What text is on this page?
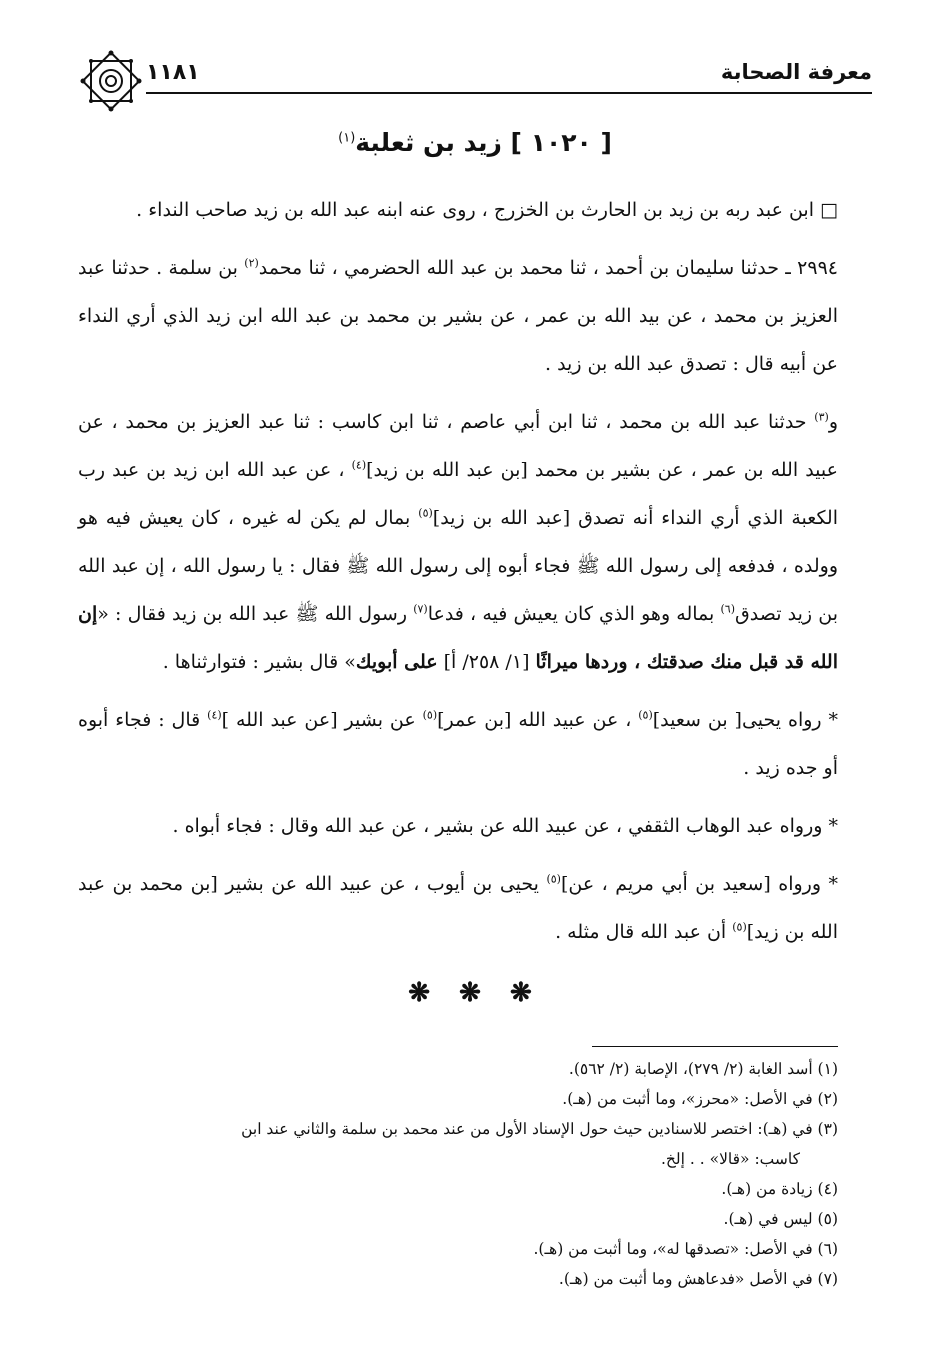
معرفة الصحابة
١١٨١
[ ١٠٢٠ ] زيد بن ثعلبة$^{(١)}$

□ ابن عبد ربه بن زيد بن الحارث بن الخزرج ، روى عنه ابنه عبد الله بن زيد صاحب النداء .

٢٩٩٤ ـ حدثنا سليمان بن أحمد ، ثنا محمد بن عبد الله الحضرمي ، ثنا محمد$^{(٢)}$ بن سلمة . حدثنا عبد العزيز بن محمد ، عن بيد الله بن عمر ، عن بشير بن محمد بن عبد الله ابن زيد الذي أري النداء عن أبيه قال : تصدق عبد الله بن زيد .

و$^{(٣)}$ حدثنا عبد الله بن محمد ، ثنا ابن أبي عاصم ، ثنا ابن كاسب : ثنا عبد العزيز بن محمد ، عن عبيد الله بن عمر ، عن بشير بن محمد [بن عبد الله بن زيد]$^{(٤)}$ ، عن عبد الله ابن زيد بن عبد رب الكعبة الذي أري النداء أنه تصدق [عبد الله بن زيد]$^{(٥)}$ بمال لم يكن له غيره ، كان يعيش فيه هو وولده ، فدفعه إلى رسول الله ﷺ فجاء أبوه إلى رسول الله ﷺ فقال : يا رسول الله ، إن عبد الله بن زيد تصدق$^{(٦)}$ بماله وهو الذي كان يعيش فيه ، فدعا$^{(٧)}$ رسول الله ﷺ عبد الله بن زيد فقال : «إن الله قد قبل منك صدقتك ، وردها ميراثًا [١/ ٢٥٨/ أ] على أبويك» قال بشير : فتوارثناها .

* رواه يحيى[ بن سعيد]$^{(٥)}$ ، عن عبيد الله [بن عمر]$^{(٥)}$ عن بشير [عن عبد الله ]$^{(٤)}$ قال : فجاء أبوه أو جده زيد .

* ورواه عبد الوهاب الثقفي ، عن عبيد الله عن بشير ، عن عبد الله وقال : فجاء أبواه .

* ورواه [سعيد بن أبي مريم ، عن]$^{(٥)}$ يحيى بن أيوب ، عن عبيد الله عن بشير [بن محمد بن عبد الله بن زيد]$^{(٥)}$ أن عبد الله قال مثله .

❋ ❋ ❋

(١) أسد الغابة (٢/ ٢٧٩)، الإصابة (٢/ ٥٦٢).

(٢) في الأصل: «محرز»، وما أثبت من (هـ).

(٣) في (هـ): اختصر للاسنادين حيث حول الإسناد الأول من عند محمد بن سلمة والثاني عند ابن

كاسب: «قالا» . . إلخ.

(٤) زيادة من (هـ).

(٥) ليس في (هـ).

(٦) في الأصل: «تصدقها له»، وما أثبت من (هـ).

(٧) في الأصل «فدعاهش وما أثبت من (هـ).
